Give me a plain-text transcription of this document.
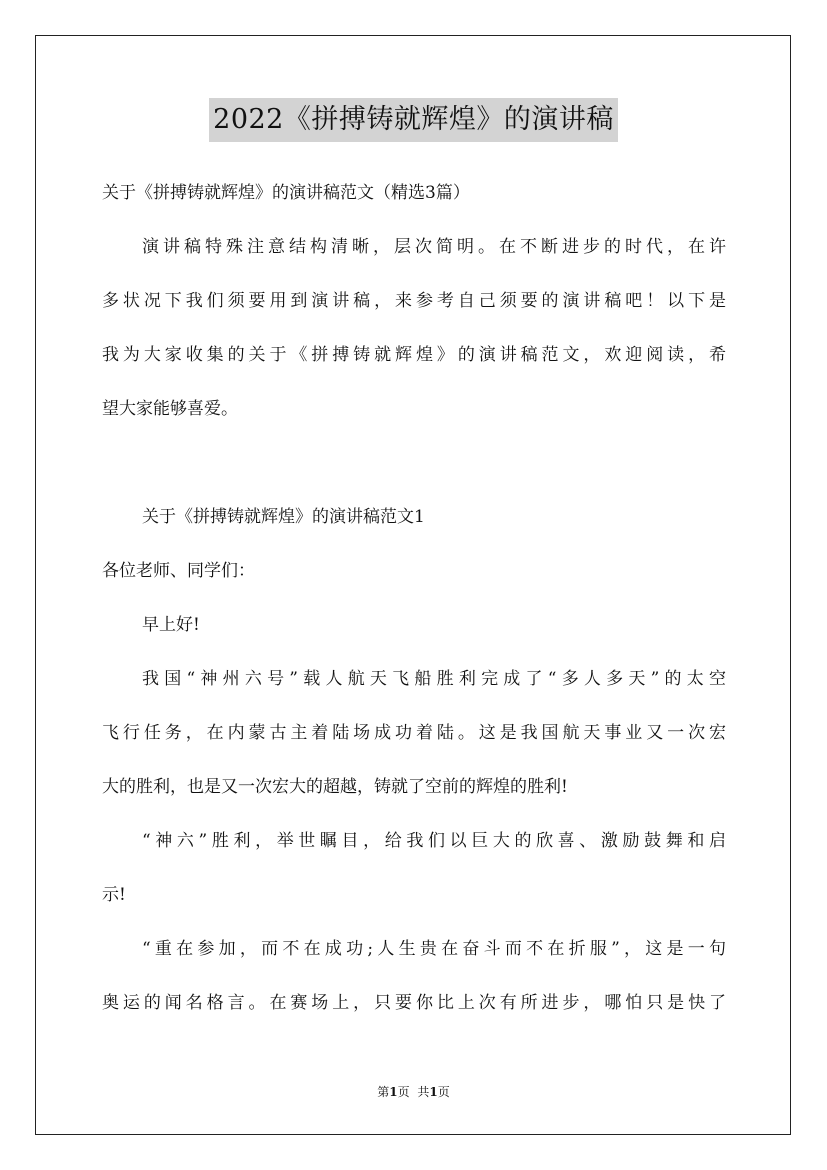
2022《拼搏铸就辉煌》的演讲稿

关于《拼搏铸就辉煌》的演讲稿范文（精选3篇）

演讲稿特殊注意结构清晰，层次简明。在不断进步的时代，在许

多状况下我们须要用到演讲稿，来参考自己须要的演讲稿吧！以下是

我为大家收集的关于《拼搏铸就辉煌》的演讲稿范文，欢迎阅读，希

望大家能够喜爱。

关于《拼搏铸就辉煌》的演讲稿范文1

各位老师、同学们：

早上好!

我国“神州六号”载人航天飞船胜利完成了“多人多天”的太空

飞行任务，在内蒙古主着陆场成功着陆。这是我国航天事业又一次宏

大的胜利，也是又一次宏大的超越，铸就了空前的辉煌的胜利!

“神六”胜利，举世瞩目，给我们以巨大的欣喜、激励鼓舞和启

示!

“重在参加，而不在成功;人生贵在奋斗而不在折服”，这是一句

奥运的闻名格言。在赛场上，只要你比上次有所进步，哪怕只是快了

第1页 共1页
